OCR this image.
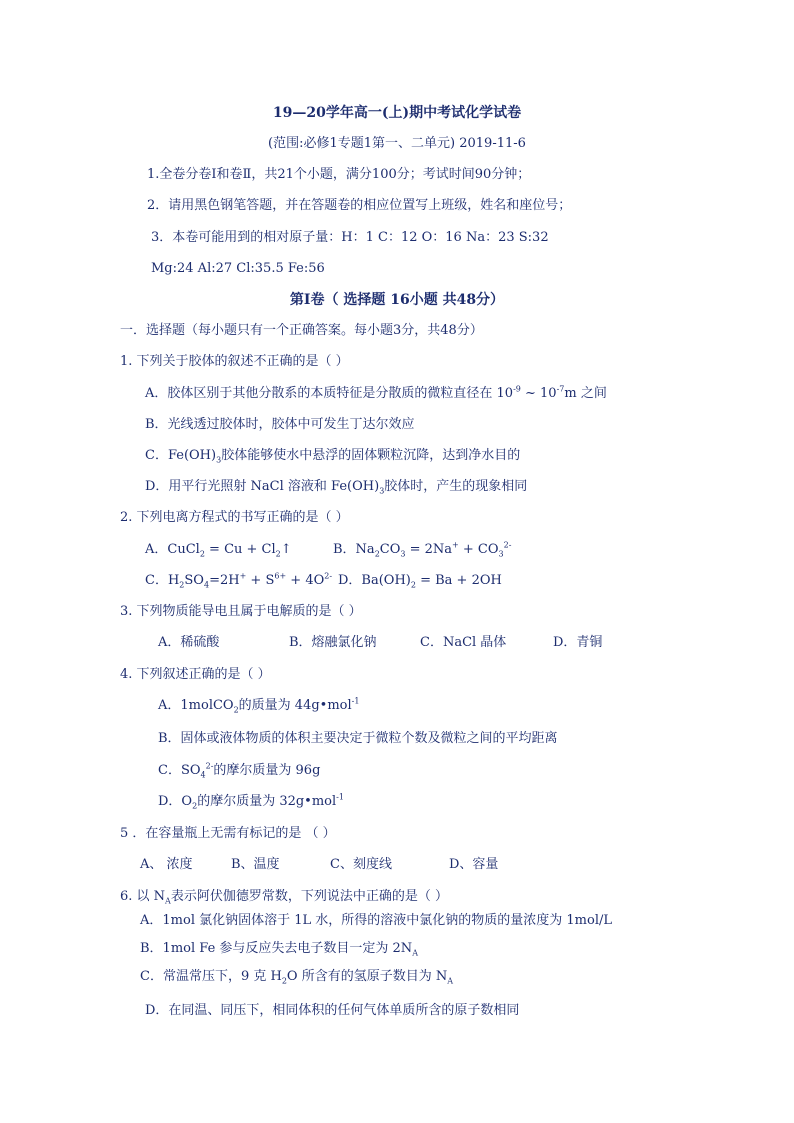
19—20学年高一(上)期中考试化学试卷
(范围:必修1专题1第一、二单元) 2019-11-6
1.全卷分卷Ⅰ和卷Ⅱ，共21个小题，满分100分；考试时间90分钟；
2．请用黑色钢笔答题，并在答题卷的相应位置写上班级，姓名和座位号；
3．本卷可能用到的相对原子量：H：1 C：12 O：16 Na：23 S:32
Mg:24 Al:27 Cl:35.5 Fe:56
第Ⅰ卷（ 选择题 16小题 共48分）
一．选择题（每小题只有一个正确答案。每小题3分，共48分）
1. 下列关于胶体的叙述不正确的是（ ）
A．胶体区别于其他分散系的本质特征是分散质的微粒直径在 $10^{-9}$ ~ $10^{-7}m$ 之间
B．光线透过胶体时，胶体中可发生丁达尔效应
C．$Fe(OH)_3$胶体能够使水中悬浮的固体颗粒沉降，达到净水目的
D．用平行光照射 NaCl 溶液和 $Fe(OH)_3$胶体时，产生的现象相同
2. 下列电离方程式的书写正确的是（ ）
A．CuCl$_2$ = $Cu + Cl_2↑$	B．$Na_2CO_3 = 2Na^+ + CO_3^{2-}$
C．$H_2SO_4=2H^+ + S^{6+} + 4O^{2-}$ D．$Ba(OH)_2 = Ba + 2OH$
3. 下列物质能导电且属于电解质的是（ ）
A．稀硫酸	B．熔融氯化钠	C．NaCl 晶体	D．青铜
4. 下列叙述正确的是（ ）
A．1molCO$_2$的质量为 44g•mol$^{-1}$
B．固体或液体物质的体积主要决定于微粒个数及微粒之间的平均距离
C．$SO_4^{2-}$的摩尔质量为 96g
D．$O_2$的摩尔质量为 32g•mol$^{-1}$
5 ．在容量瓶上无需有标记的是 （ ）
A、 浓度	B、温度	C、刻度线	D、容量
6. 以 $N_A$表示阿伏伽德罗常数，下列说法中正确的是（ ）
A．1mol 氯化钠固体溶于 1L 水，所得的溶液中氯化钠的物质的量浓度为 1mol/L
B．1mol Fe 参与反应失去电子数目一定为 $2N_A$
C．常温常压下，9 克 $H_2O$ 所含有的氢原子数目为 $N_A$
D．在同温、同压下，相同体积的任何气体单质所含的原子数相同
